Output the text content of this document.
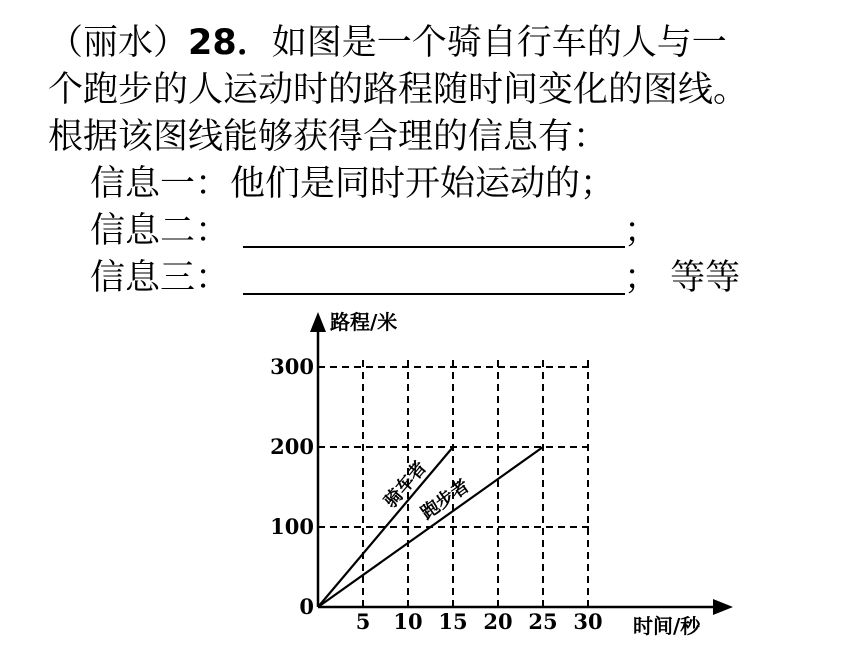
（丽水）28．如图是一个骑自行车的人与一
个跑步的人运动时的路程随时间变化的图线。
根据该图线能够获得合理的信息有：
信息一：他们是同时开始运动的；
信息二：	；
信息三：	； 等等
骑车者
跑步者
5 10 15 20 25 30
0
100
200
300
路程/米
时间/秒
